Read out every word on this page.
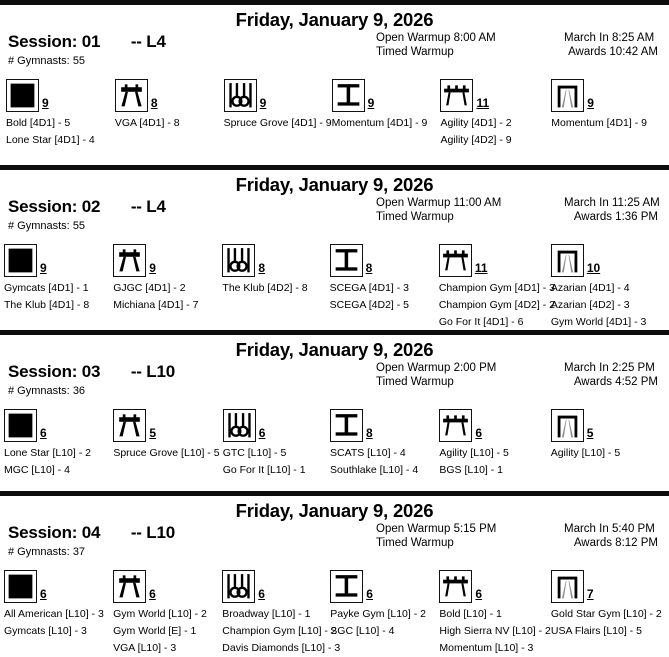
Friday, January 9, 2026
Session: 01 -- L4
# Gymnasts: 55
Open Warmup 8:00 AM
Timed Warmup
March In 8:25 AM
Awards 10:42 AM
9
Bold [4D1] - 5
Lone Star [4D1] - 4
8
VGA [4D1] - 8
9
Spruce Grove [4D1] - 9
9
Momentum [4D1] - 9
11
Agility [4D1] - 2
Agility [4D2] - 9
9
Momentum [4D1] - 9
Friday, January 9, 2026
Session: 02 -- L4
# Gymnasts: 55
Open Warmup 11:00 AM
Timed Warmup
March In 11:25 AM
Awards 1:36 PM
9
Gymcats [4D1] - 1
The Klub [4D1] - 8
9
GJGC [4D1] - 2
Michiana [4D1] - 7
8
The Klub [4D2] - 8
8
SCEGA [4D1] - 3
SCEGA [4D2] - 5
11
Champion Gym [4D1] - 3
Champion Gym [4D2] - 2
Go For It [4D1] - 6
10
Azarian [4D1] - 4
Azarian [4D2] - 3
Gym World [4D1] - 3
Friday, January 9, 2026
Session: 03 -- L10
# Gymnasts: 36
Open Warmup 2:00 PM
Timed Warmup
March In 2:25 PM
Awards 4:52 PM
6
Lone Star [L10] - 2
MGC [L10] - 4
5
Spruce Grove [L10] - 5
6
GTC [L10] - 5
Go For It [L10] - 1
8
SCATS [L10] - 4
Southlake [L10] - 4
6
Agility [L10] - 5
BGS [L10] - 1
5
Agility [L10] - 5
Friday, January 9, 2026
Session: 04 -- L10
# Gymnasts: 37
Open Warmup 5:15 PM
Timed Warmup
March In 5:40 PM
Awards 8:12 PM
6
All American [L10] - 3
Gymcats [L10] - 3
6
Gym World [L10] - 2
Gym World [E] - 1
VGA [L10] - 3
6
Broadway [L10] - 1
Champion Gym [L10] - 2
Davis Diamonds [L10] - 3
6
Payke Gym [L10] - 2
SGC [L10] - 4
6
Bold [L10] - 1
High Sierra NV [L10] - 2
Momentum [L10] - 3
7
Gold Star Gym [L10] - 2
USA Flairs [L10] - 5
